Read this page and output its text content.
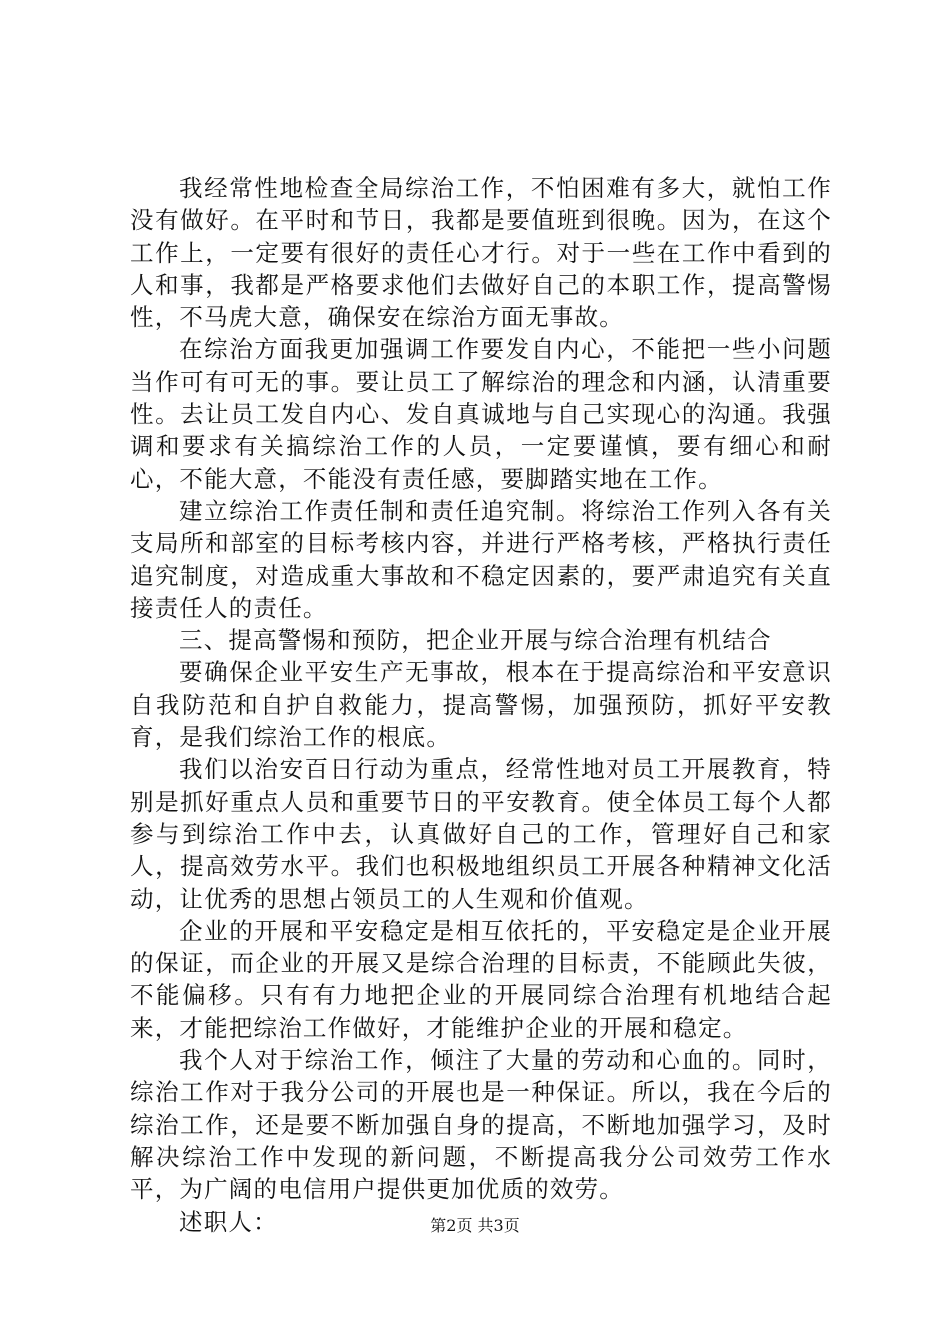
我经常性地检查全局综治工作，不怕困难有多大，就怕工作没有做好。在平时和节日，我都是要值班到很晚。因为，在这个工作上，一定要有很好的责任心才行。对于一些在工作中看到的人和事，我都是严格要求他们去做好自己的本职工作，提高警惕性，不马虎大意，确保安在综治方面无事故。

在综治方面我更加强调工作要发自内心，不能把一些小问题当作可有可无的事。要让员工了解综治的理念和内涵，认清重要性。去让员工发自内心、发自真诚地与自己实现心的沟通。我强调和要求有关搞综治工作的人员，一定要谨慎，要有细心和耐心，不能大意，不能没有责任感，要脚踏实地在工作。

建立综治工作责任制和责任追究制。将综治工作列入各有关支局所和部室的目标考核内容，并进行严格考核，严格执行责任追究制度，对造成重大事故和不稳定因素的，要严肃追究有关直接责任人的责任。

三、提高警惕和预防，把企业开展与综合治理有机结合

要确保企业平安生产无事故，根本在于提高综治和平安意识自我防范和自护自救能力，提高警惕，加强预防，抓好平安教育，是我们综治工作的根底。

我们以治安百日行动为重点，经常性地对员工开展教育，特别是抓好重点人员和重要节日的平安教育。使全体员工每个人都参与到综治工作中去，认真做好自己的工作，管理好自己和家人，提高效劳水平。我们也积极地组织员工开展各种精神文化活动，让优秀的思想占领员工的人生观和价值观。

企业的开展和平安稳定是相互依托的，平安稳定是企业开展的保证，而企业的开展又是综合治理的目标责，不能顾此失彼，不能偏移。只有有力地把企业的开展同综合治理有机地结合起来，才能把综治工作做好，才能维护企业的开展和稳定。

我个人对于综治工作，倾注了大量的劳动和心血的。同时，综治工作对于我分公司的开展也是一种保证。所以，我在今后的综治工作，还是要不断加强自身的提高，不断地加强学习，及时解决综治工作中发现的新问题，不断提高我分公司效劳工作水平，为广阔的电信用户提供更加优质的效劳。

述职人：	第2页 共3页
